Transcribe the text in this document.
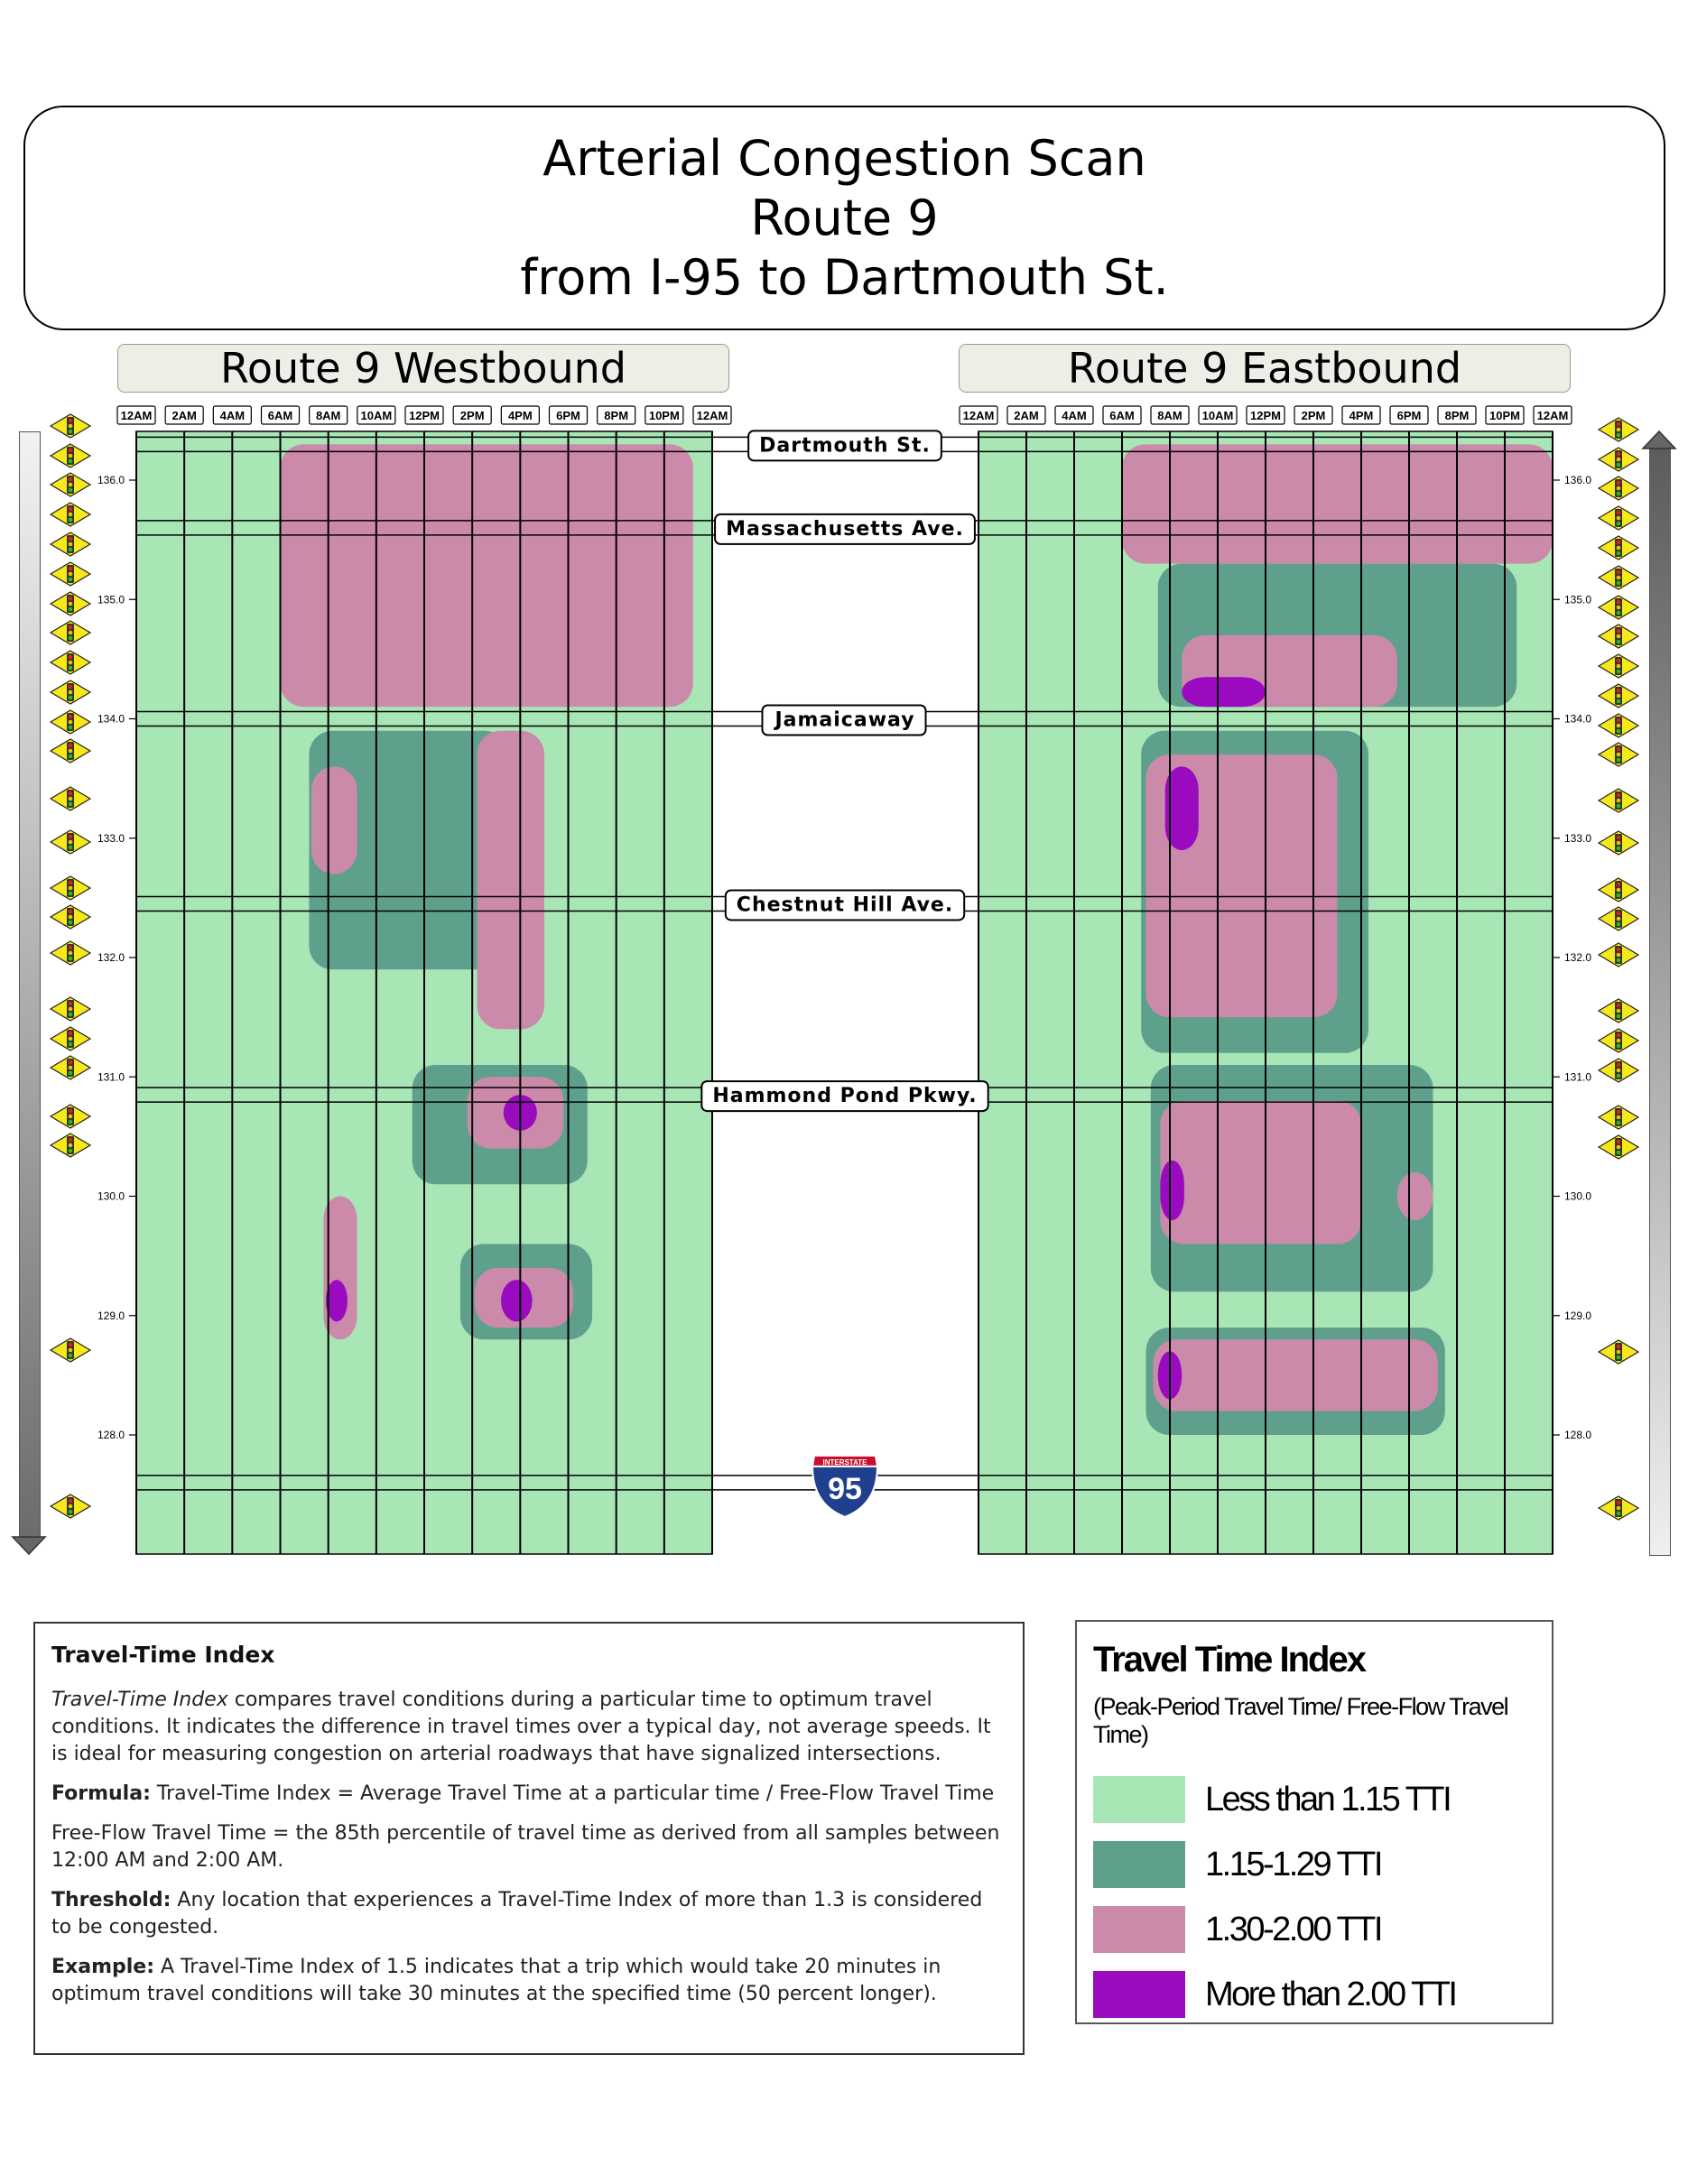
Arterial Congestion Scan
Route 9
from I-95 to Dartmouth St.
Route 9 Westbound	Route 9 Eastbound
12AM 2AM 4AM 6AM 8AM 10AM 12PM 2PM 4PM 6PM 8PM 10PM 12AM
136.0
135.0
134.0
133.0
132.0
131.0
130.0
129.0
128.0
12AM 2AM 4AM 6AM 8AM 10AM 12PM 2PM 4PM 6PM 8PM 10PM 12AM
136.0
135.0
134.0
133.0
132.0
131.0
130.0
129.0
128.0
Dartmouth St.
Massachusetts Ave.
Jamaicaway
Chestnut Hill Ave.
Hammond Pond Pkwy.
INTERSTATE
95

Travel-Time Index

Travel-Time Index compares travel conditions during a particular time to optimum travel conditions. It indicates the difference in travel times over a typical day, not average speeds. It is ideal for measuring congestion on arterial roadways that have signalized intersections.

Formula: Travel-Time Index = Average Travel Time at a particular time / Free-Flow Travel Time

Free-Flow Travel Time = the 85th percentile of travel time as derived from all samples between 12:00 AM and 2:00 AM.

Threshold: Any location that experiences a Travel-Time Index of more than 1.3 is considered to be congested.

Example: A Travel-Time Index of 1.5 indicates that a trip which would take 20 minutes in optimum travel conditions will take 30 minutes at the specified time (50 percent longer).

Travel Time Index
(Peak-Period Travel Time/ Free-Flow Travel Time)
Less than 1.15 TTI
1.15-1.29 TTI
1.30-2.00 TTI
More than 2.00 TTI
